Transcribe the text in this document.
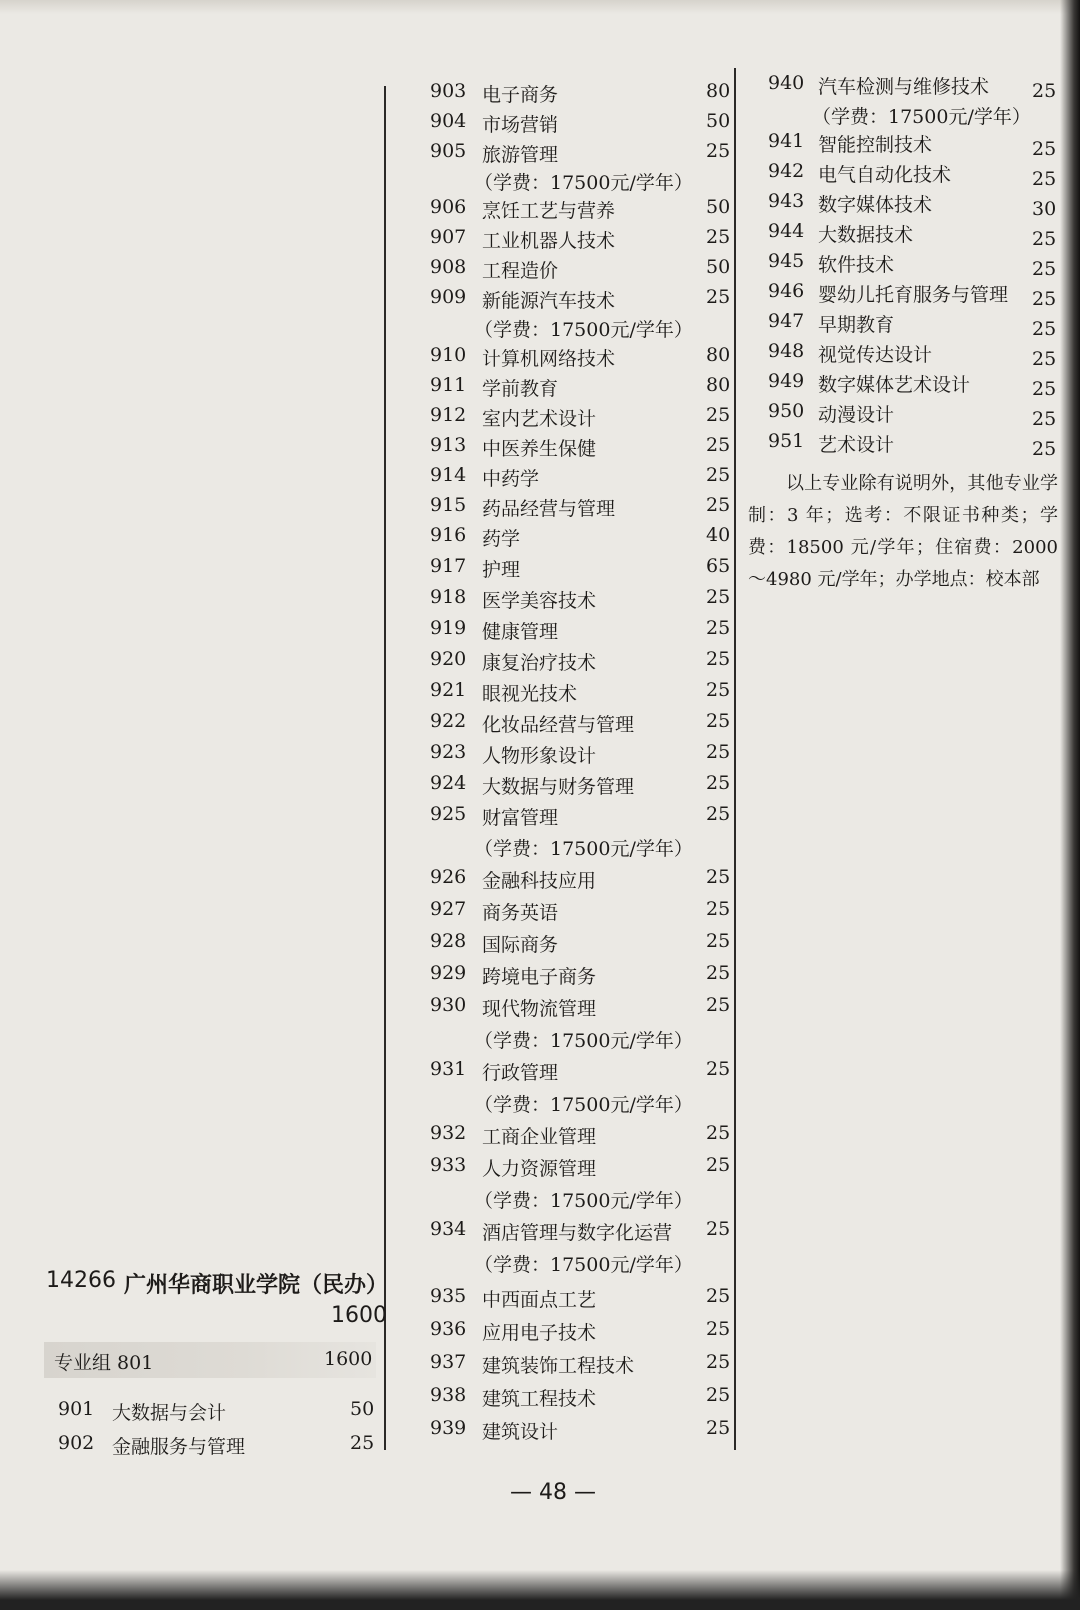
14266 广州华商职业学院（民办）
1600
专业组 801	1600
901 大数据与会计	50
902 金融服务与管理	25
903 电子商务	80
904 市场营销	50
905 旅游管理	25
（学费：17500元/学年）
906 烹饪工艺与营养	50
907 工业机器人技术	25
908 工程造价	50
909 新能源汽车技术	25
（学费：17500元/学年）
910 计算机网络技术	80
911 学前教育	80
912 室内艺术设计	25
913 中医养生保健	25
914 中药学	25
915 药品经营与管理	25
916 药学	40
917 护理	65
918 医学美容技术	25
919 健康管理	25
920 康复治疗技术	25
921 眼视光技术	25
922 化妆品经营与管理	25
923 人物形象设计	25
924 大数据与财务管理	25
925 财富管理	25
（学费：17500元/学年）
926 金融科技应用	25
927 商务英语	25
928 国际商务	25
929 跨境电子商务	25
930 现代物流管理	25
（学费：17500元/学年）
931 行政管理	25
（学费：17500元/学年）
932 工商企业管理	25
933 人力资源管理	25
（学费：17500元/学年）
934 酒店管理与数字化运营 25
（学费：17500元/学年）
935 中西面点工艺	25
936 应用电子技术	25
937 建筑装饰工程技术	25
938 建筑工程技术	25
939 建筑设计	25
940 汽车检测与维修技术 25
（学费：17500元/学年）
941 智能控制技术	25
942 电气自动化技术	25
943 数字媒体技术	30
944 大数据技术	25
945 软件技术	25
946 婴幼儿托育服务与管理 25
947 早期教育	25
948 视觉传达设计	25
949 数字媒体艺术设计	25
950 动漫设计	25
951 艺术设计	25
以上专业除有说明外，其他专业学制：3 年；选考：不限证书种类；学费：18500 元/学年；住宿费：2000～4980 元/学年；办学地点：校本部
— 48 —
